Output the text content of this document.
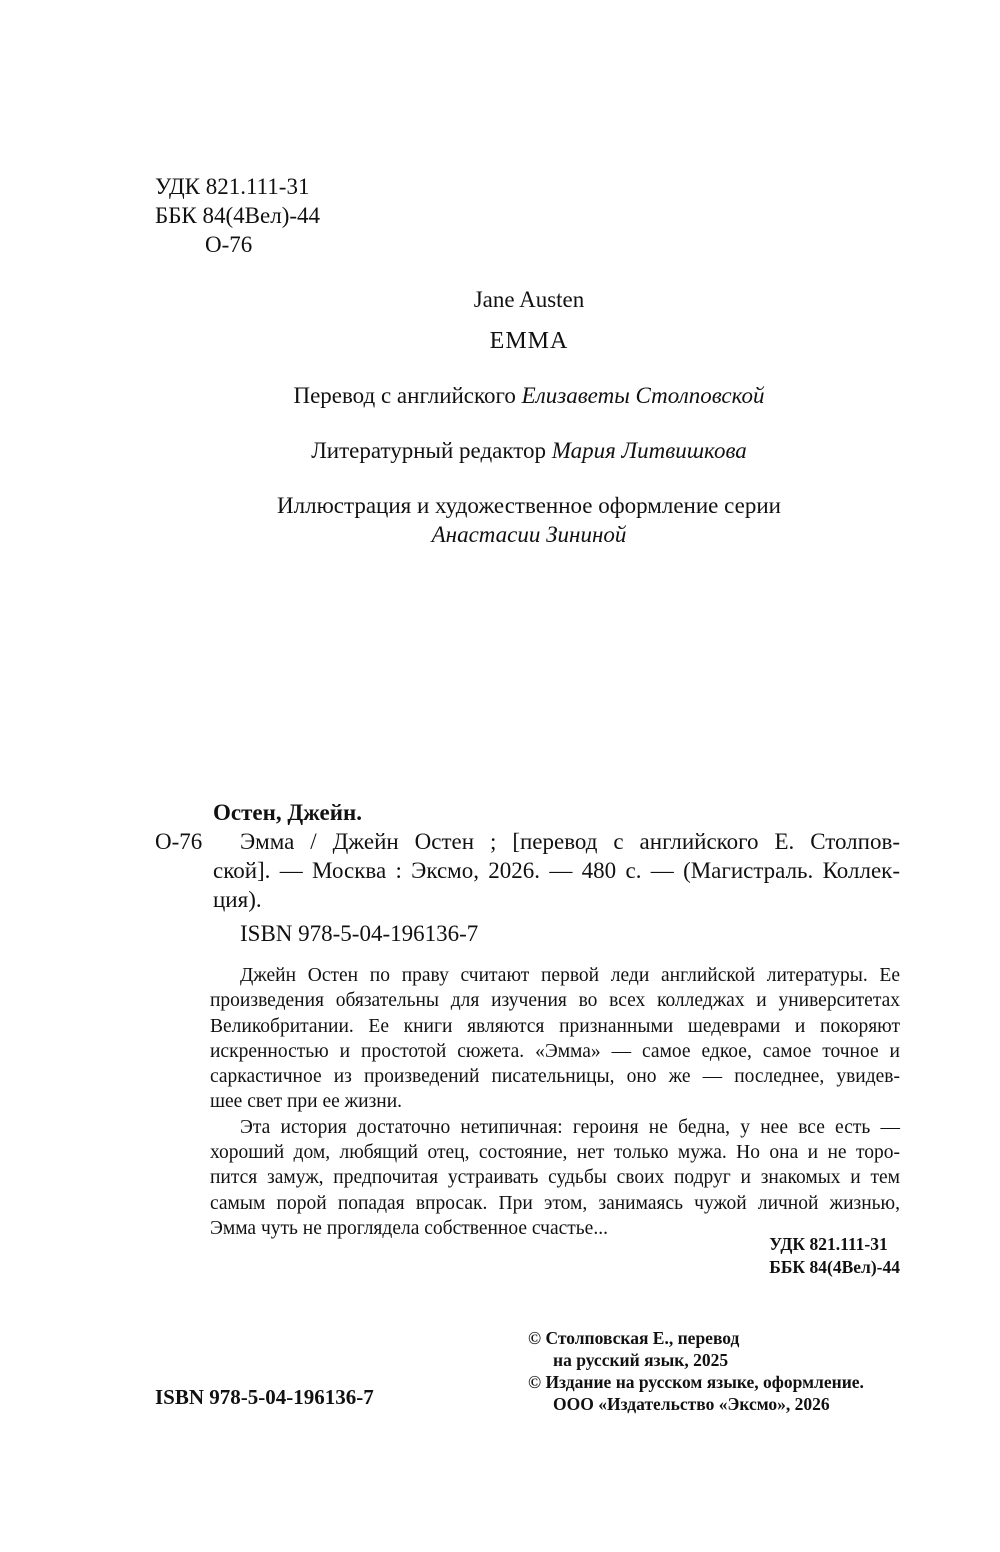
УДК 821.111-31
ББК 84(4Вел)-44
О-76
Jane Austen
EMMA
Перевод с английского Елизаветы Столповской
Литературный редактор Мария Литвишкова
Иллюстрация и художественное оформление серии
Анастасии Зининой
Остен, Джейн.
О-76	Эмма / Джейн Остен ; [перевод с английского Е. Столпов-
ской]. — Москва : Эксмо, 2026. — 480 с. — (Магистраль. Коллек-
ция).
ISBN 978-5-04-196136-7

Джейн Остен по праву считают первой леди английской литературы. Ее

произведения обязательны для изучения во всех колледжах и университетах

Великобритании. Ее книги являются признанными шедеврами и покоряют

искренностью и простотой сюжета. «Эмма» — самое едкое, самое точное и

саркастичное из произведений писательницы, оно же — последнее, увидев-

шее свет при ее жизни.

Эта история достаточно нетипичная: героиня не бедна, у нее все есть —

хороший дом, любящий отец, состояние, нет только мужа. Но она и не торо-

пится замуж, предпочитая устраивать судьбы своих подруг и знакомых и тем

самым порой попадая впросак. При этом, занимаясь чужой личной жизнью,

Эмма чуть не проглядела собственное счастье...

УДК 821.111-31
ББК 84(4Вел)-44
© Столповская Е., перевод
на русский язык, 2025
© Издание на русском языке, оформление.
ООО «Издательство «Эксмо», 2026
ISBN 978-5-04-196136-7
